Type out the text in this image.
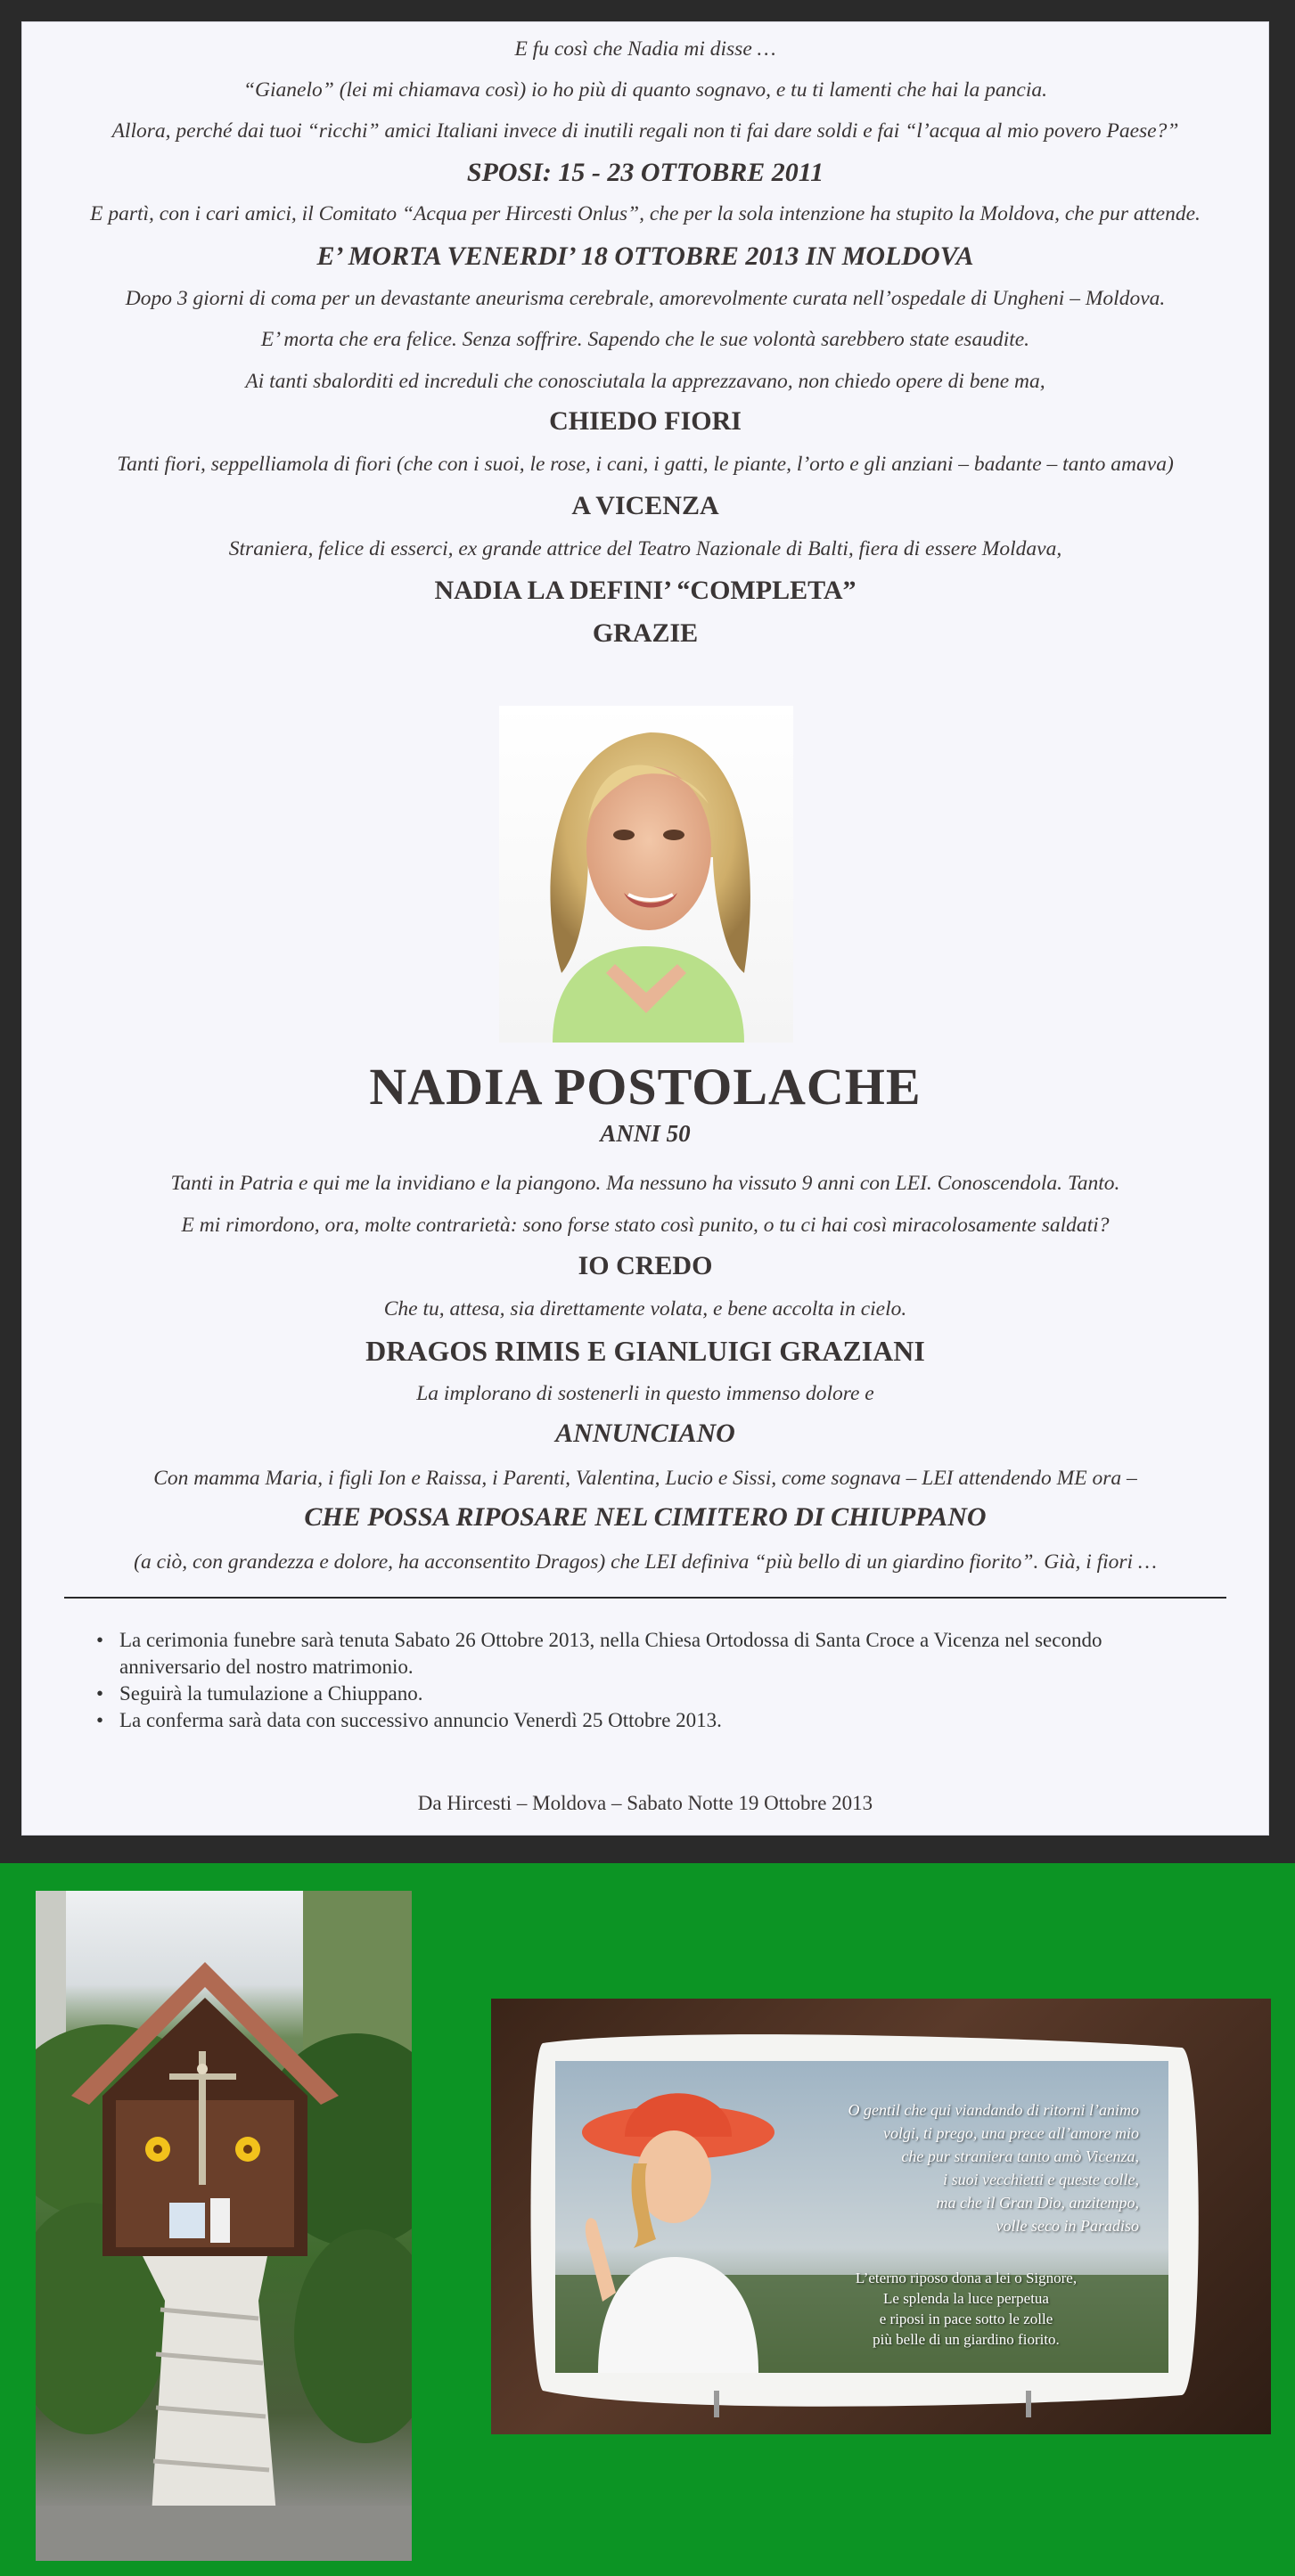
E fu così che Nadia mi disse …
“Gianelo” (lei mi chiamava così) io ho più di quanto sognavo, e tu ti lamenti che hai la pancia.
Allora, perché dai tuoi “ricchi” amici Italiani invece di inutili regali non ti fai dare soldi e fai “l’acqua al mio povero Paese?”
SPOSI: 15 - 23 OTTOBRE 2011
E partì, con i cari amici, il Comitato “Acqua per Hircesti Onlus”, che per la sola intenzione ha stupito la Moldova, che pur attende.
E’ MORTA VENERDI’ 18 OTTOBRE 2013 IN MOLDOVA
Dopo 3 giorni di coma per un devastante aneurisma cerebrale, amorevolmente curata nell’ospedale di Ungheni – Moldova.
E’ morta che era felice. Senza soffrire. Sapendo che le sue volontà sarebbero state esaudite.
Ai tanti sbalorditi ed increduli che conosciutala la apprezzavano, non chiedo opere di bene ma,
CHIEDO FIORI
Tanti fiori, seppelliamola di fiori (che con i suoi, le rose, i cani, i gatti, le piante, l’orto e gli anziani – badante – tanto amava)
A VICENZA
Straniera, felice di esserci, ex grande attrice del Teatro Nazionale di Balti, fiera di essere Moldava,
NADIA LA DEFINI’ “COMPLETA”
GRAZIE
NADIA POSTOLACHE
ANNI 50
Tanti in Patria e qui me la invidiano e la piangono. Ma nessuno ha vissuto 9 anni con LEI. Conoscendola. Tanto.
E mi rimordono, ora, molte contrarietà: sono forse stato così punito, o tu ci hai così miracolosamente saldati?
IO CREDO
Che tu, attesa, sia direttamente volata, e bene accolta in cielo.
DRAGOS RIMIS E GIANLUIGI GRAZIANI
La implorano di sostenerli in questo immenso dolore e
ANNUNCIANO
Con mamma Maria, i figli Ion e Raissa, i Parenti, Valentina, Lucio e Sissi, come sognava – LEI attendendo ME ora –
CHE POSSA RIPOSARE NEL CIMITERO DI CHIUPPANO
(a ciò, con grandezza e dolore, ha acconsentito Dragos) che LEI definiva “più bello di un giardino fiorito”. Già, i fiori …
• La cerimonia funebre sarà tenuta Sabato 26 Ottobre 2013, nella Chiesa Ortodossa di Santa Croce a Vicenza nel secondo anniversario del nostro matrimonio.
• Seguirà la tumulazione a Chiuppano.
• La conferma sarà data con successivo annuncio Venerdì 25 Ottobre 2013.
Da Hircesti – Moldova – Sabato Notte 19 Ottobre 2013
O gentil che qui viandando di ritorni l’animo
volgi, ti prego, una prece all’amore mio
che pur straniera tanto amò Vicenza,
i suoi vecchietti e queste colle,
ma che il Gran Dio, anzitempo,
volle seco in Paradiso
L’eterno riposo dona a lei o Signore,
Le splenda la luce perpetua
e riposi in pace sotto le zolle
più belle di un giardino fiorito.
